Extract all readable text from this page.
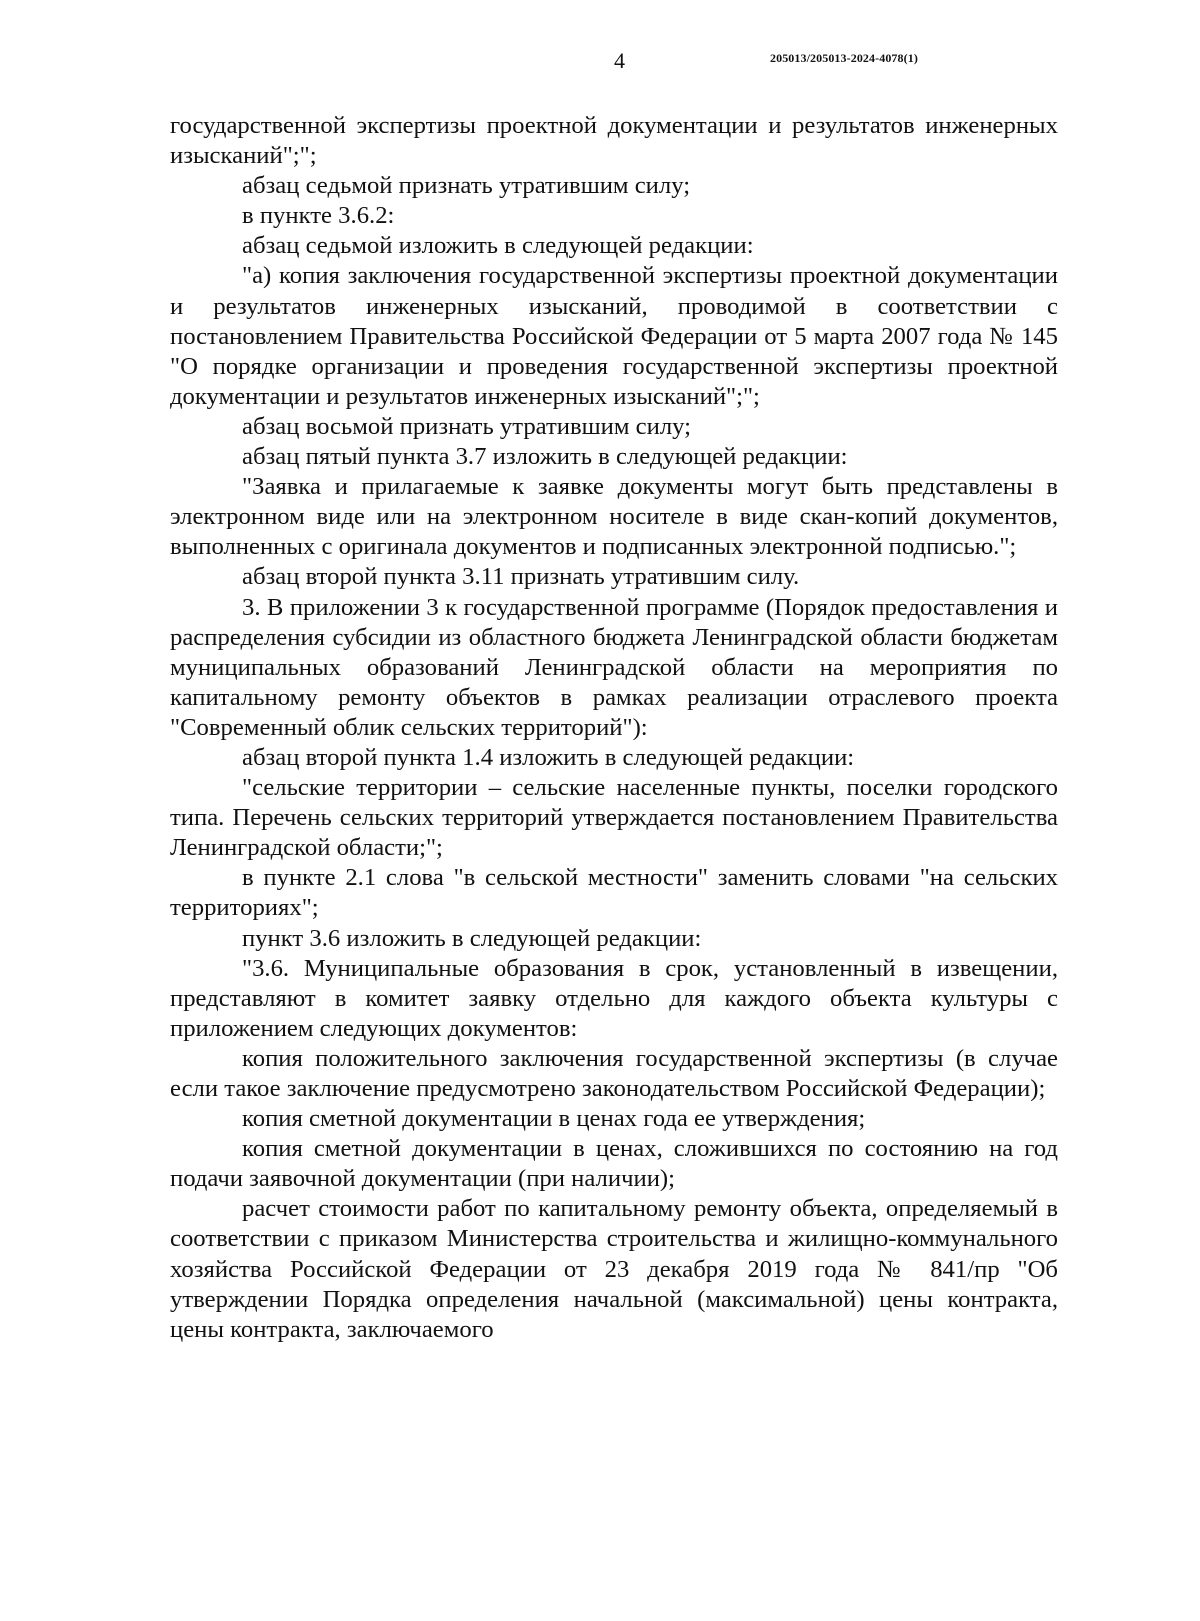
4	205013/205013-2024-4078(1)

государственной экспертизы проектной документации и результатов инженерных изысканий";";

абзац седьмой признать утратившим силу;

в пункте 3.6.2:

абзац седьмой изложить в следующей редакции:

"а) копия заключения государственной экспертизы проектной документации и результатов инженерных изысканий, проводимой в соответствии с постановлением Правительства Российской Федерации от 5 марта 2007 года № 145 "О порядке организации и проведения государственной экспертизы проектной документации и результатов инженерных изысканий";";

абзац восьмой признать утратившим силу;

абзац пятый пункта 3.7 изложить в следующей редакции:

"Заявка и прилагаемые к заявке документы могут быть представлены в электронном виде или на электронном носителе в виде скан-копий документов, выполненных с оригинала документов и подписанных электронной подписью.";

абзац второй пункта 3.11 признать утратившим силу.

3. В приложении 3 к государственной программе (Порядок предоставления и распределения субсидии из областного бюджета Ленинградской области бюджетам муниципальных образований Ленинградской области на мероприятия по капитальному ремонту объектов в рамках реализации отраслевого проекта "Современный облик сельских территорий"):

абзац второй пункта 1.4 изложить в следующей редакции:

"сельские территории – сельские населенные пункты, поселки городского типа. Перечень сельских территорий утверждается постановлением Правительства Ленинградской области;";

в пункте 2.1 слова "в сельской местности" заменить словами "на сельских территориях";

пункт 3.6 изложить в следующей редакции:

"3.6. Муниципальные образования в срок, установленный в извещении, представляют в комитет заявку отдельно для каждого объекта культуры с приложением следующих документов:

копия положительного заключения государственной экспертизы (в случае если такое заключение предусмотрено законодательством Российской Федерации);

копия сметной документации в ценах года ее утверждения;

копия сметной документации в ценах, сложившихся по состоянию на год подачи заявочной документации (при наличии);

расчет стоимости работ по капитальному ремонту объекта, определяемый в соответствии с приказом Министерства строительства и жилищно-коммунального хозяйства Российской Федерации от 23 декабря 2019 года № 841/пр "Об утверждении Порядка определения начальной (максимальной) цены контракта, цены контракта, заключаемого
